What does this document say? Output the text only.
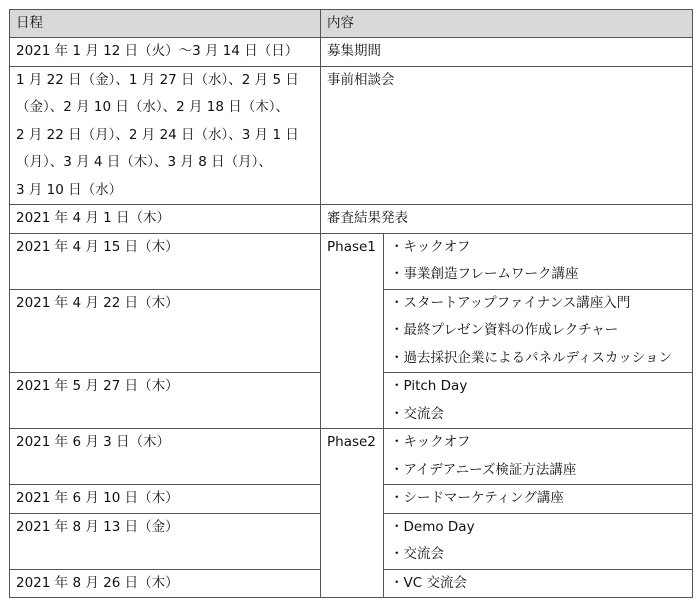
日程	内容	

2021 年 1 月 12 日（火）〜3 月 14 日（日）	募集期間	

1 月 22 日（金）、1 月 27 日（水）、2 月 5 日
（金）、2 月 10 日（水）、2 月 18 日（木）、
2 月 22 日（月）、2 月 24 日（水）、3 月 1 日
（月）、3 月 4 日（木）、3 月 8 日（月）、
3 月 10 日（水）	事前相談会	

2021 年 4 月 1 日（木）	審査結果発表	

2021 年 4 月 15 日（木）	Phase1	・キックオフ
・事業創造フレームワーク講座

2021 年 4 月 22 日（木）		・スタートアップファイナンス講座入門
・最終プレゼン資料の作成レクチャー
・過去採択企業によるパネルディスカッション

2021 年 5 月 27 日（木）		・Pitch Day
・交流会

2021 年 6 月 3 日（木）	Phase2	・キックオフ
・アイデアニーズ検証方法講座

2021 年 6 月 10 日（木）		・シードマーケティング講座

2021 年 8 月 13 日（金）		・Demo Day
・交流会

2021 年 8 月 26 日（木）		・VC 交流会
